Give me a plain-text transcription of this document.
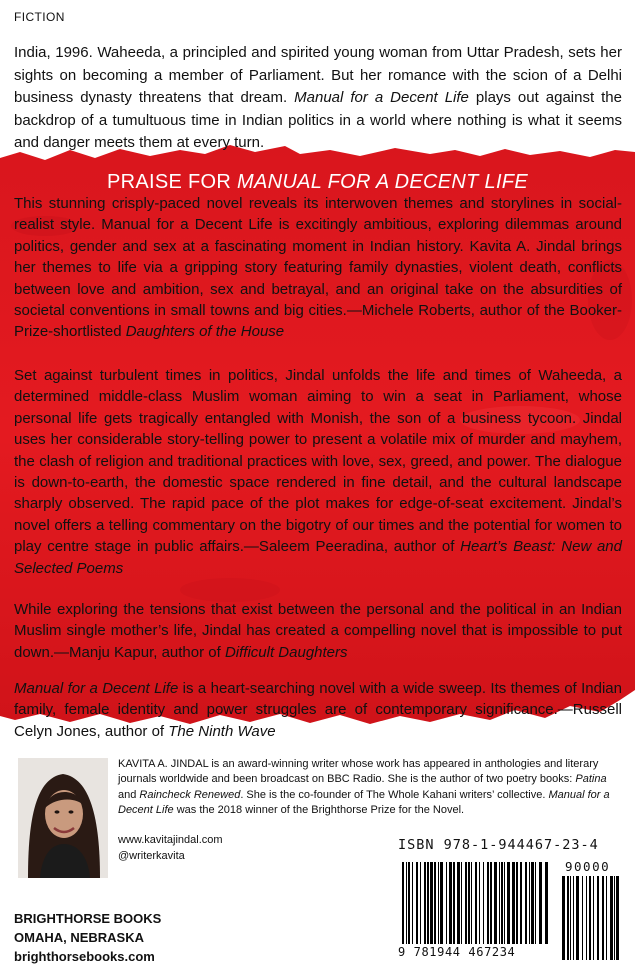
FICTION

India, 1996. Waheeda, a principled and spirited young woman from Uttar Pradesh, sets her sights on becoming a member of Parliament. But her romance with the scion of a Delhi business dynasty threatens that dream. Manual for a Decent Life plays out against the backdrop of a tumultuous time in Indian politics in a world where nothing is what it seems and danger meets them at every turn.

PRAISE FOR MANUAL FOR A DECENT LIFE

This stunning crisply-paced novel reveals its interwoven themes and storylines in social-realist style. Manual for a Decent Life is excitingly ambitious, exploring dilemmas around politics, gender and sex at a fascinating moment in Indian history. Kavita A. Jindal brings her themes to life via a gripping story featuring family dynasties, violent death, conflicts between love and ambition, sex and betrayal, and an original take on the absurdities of societal conventions in small towns and big cities.—Michele Roberts, author of the Booker-Prize-shortlisted Daughters of the House

Set against turbulent times in politics, Jindal unfolds the life and times of Waheeda, a determined middle-class Muslim woman aiming to win a seat in Parliament, whose personal life gets tragically entangled with Monish, the son of a business tycoon. Jindal uses her considerable story-telling power to present a volatile mix of murder and mayhem, the clash of religion and traditional practices with love, sex, greed, and power. The dialogue is down-to-earth, the domestic space rendered in fine detail, and the cultural landscape sharply observed. The rapid pace of the plot makes for edge-of-seat excitement. Jindal’s novel offers a telling commentary on the bigotry of our times and the potential for women to play centre stage in public affairs.—Saleem Peeradina, author of Heart’s Beast: New and Selected Poems

While exploring the tensions that exist between the personal and the political in an Indian Muslim single mother’s life, Jindal has created a compelling novel that is impossible to put down.—Manju Kapur, author of Difficult Daughters

Manual for a Decent Life is a heart-searching novel with a wide sweep. Its themes of Indian family, female identity and power struggles are of contemporary significance.—Russell Celyn Jones, author of The Ninth Wave

KAVITA A. JINDAL is an award-winning writer whose work has appeared in anthologies and literary journals worldwide and been broadcast on BBC Radio. She is the author of two poetry books: Patina and Raincheck Renewed. She is the co-founder of The Whole Kahani writers’ collective. Manual for a Decent Life was the 2018 winner of the Brighthorse Prize for the Novel.

www.kavitajindal.com
@writerkavita
BRIGHTHORSE BOOKS
OMAHA, NEBRASKA
brighthorsebooks.com
ISBN 978-1-944467-23-4
90000
9 781944 467234
